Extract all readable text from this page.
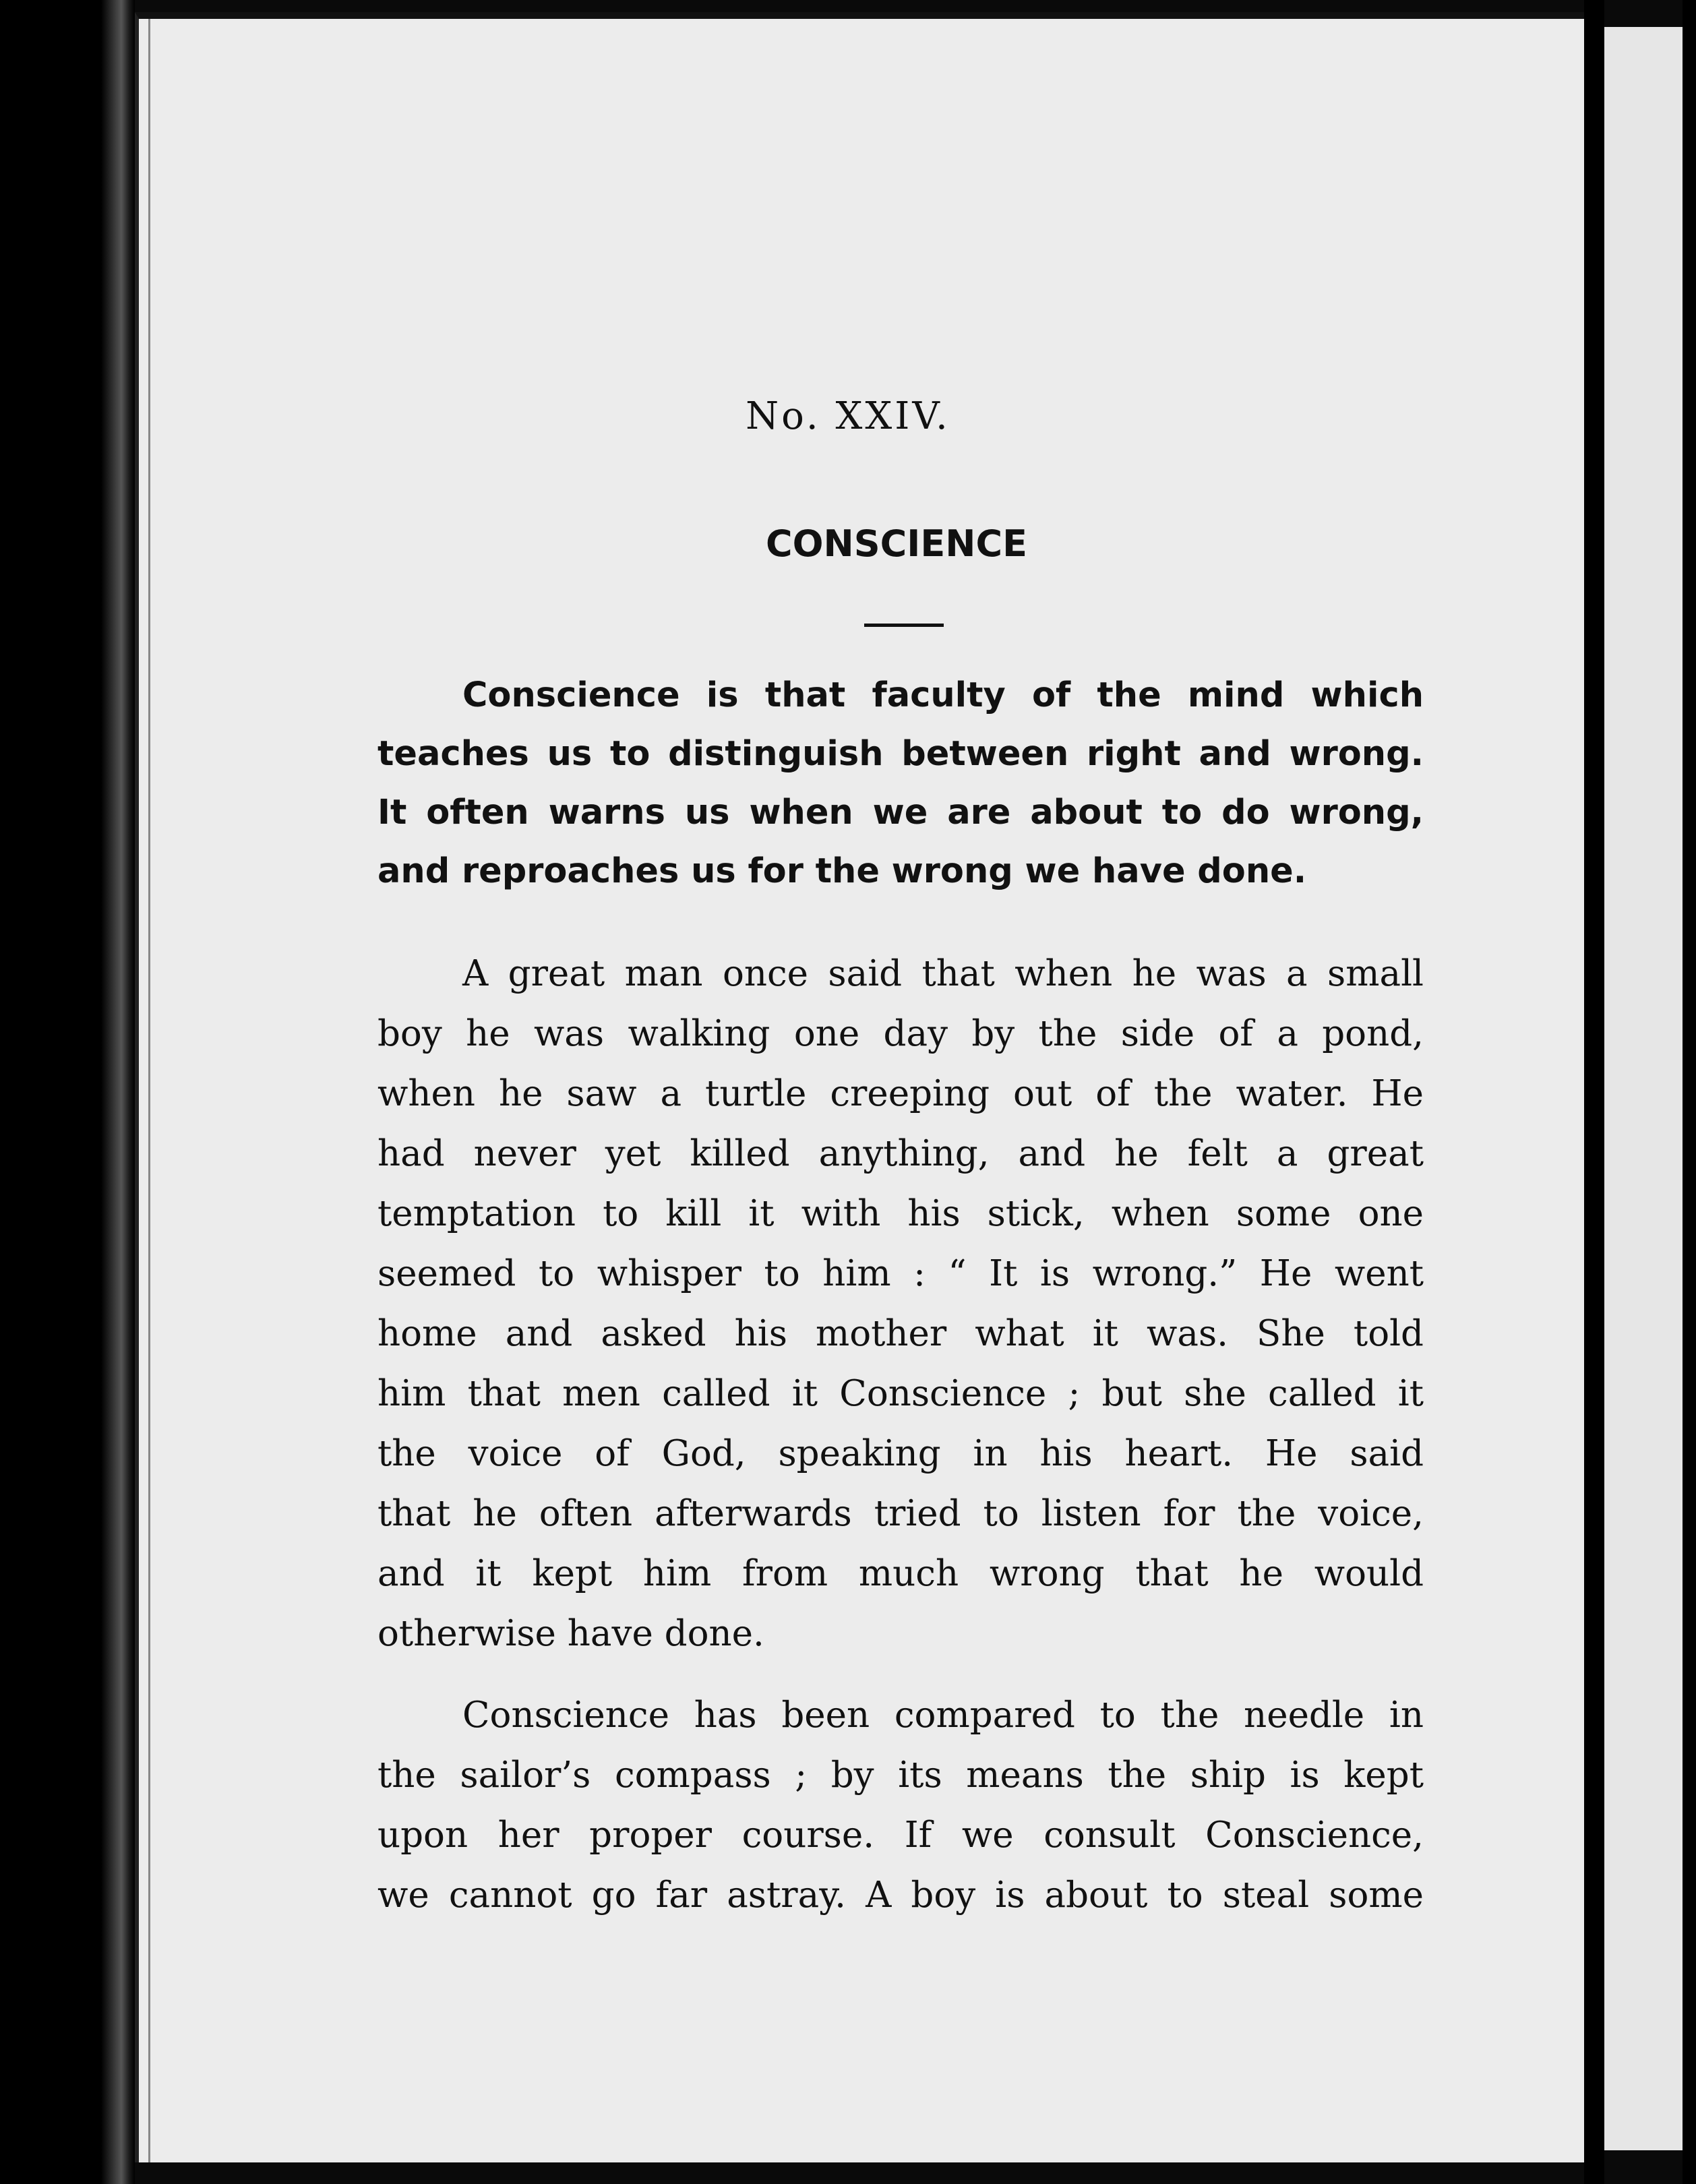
No. XXIV.
CONSCIENCE
Conscience is that faculty of the mind which
teaches us to distinguish between right and wrong.
It often warns us when we are about to do wrong,
and reproaches us for the wrong we have done.
A great man once said that when he was a small
boy he was walking one day by the side of a pond,
when he saw a turtle creeping out of the water. He
had never yet killed anything, and he felt a great
temptation to kill it with his stick, when some one
seemed to whisper to him : “ It is wrong.” He went
home and asked his mother what it was. She told
him that men called it Conscience ; but she called it
the voice of God, speaking in his heart. He said
that he often afterwards tried to listen for the voice,
and it kept him from much wrong that he would
otherwise have done.
Conscience has been compared to the needle in
the sailor’s compass ; by its means the ship is kept
upon her proper course. If we consult Conscience,
we cannot go far astray. A boy is about to steal some
